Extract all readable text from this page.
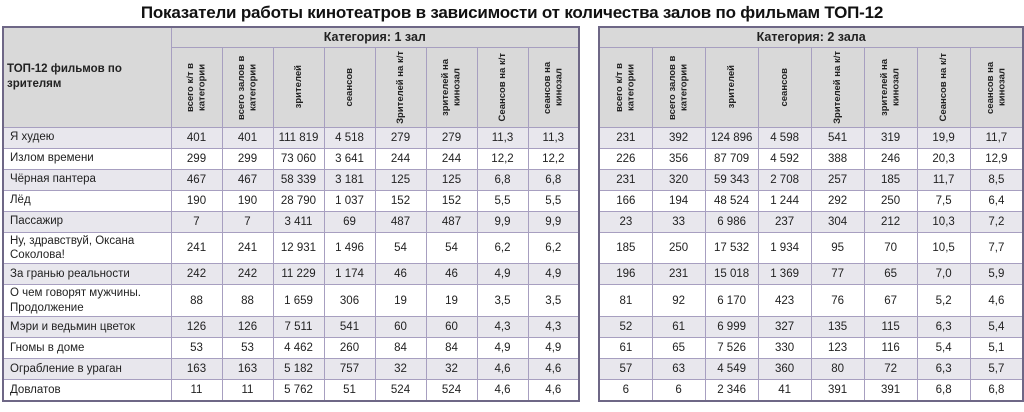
Показатели работы кинотеатров в зависимости от количества залов по фильмам ТОП-12
ТОП-12 фильмов по зрителям	Категория: 1 зал							

	всего к/т в категории	всего залов в категории	зрителей	сеансов	Зрителей на к/т	зрителей на кинозал	Сеансов на к/т	сеансов на кинозал

Я худею	401	401	111 819	4 518	279	279	11,3	11,3
Излом времени	299	299	73 060	3 641	244	244	12,2	12,2
Чёрная пантера	467	467	58 339	3 181	125	125	6,8	6,8
Лёд	190	190	28 790	1 037	152	152	5,5	5,5
Пассажир	7	7	3 411	69	487	487	9,9	9,9
Ну, здравствуй, Оксана Соколова!	241	241	12 931	1 496	54	54	6,2	6,2
За гранью реальности	242	242	11 229	1 174	46	46	4,9	4,9
О чем говорят мужчины. Продолжение	88	88	1 659	306	19	19	3,5	3,5
Мэри и ведьмин цветок	126	126	7 511	541	60	60	4,3	4,3
Гномы в доме	53	53	4 462	260	84	84	4,9	4,9
Ограбление в ураган	163	163	5 182	757	32	32	4,6	4,6
Довлатов	11	11	5 762	51	524	524	4,6	4,6
Категория: 2 зала							

всего к/т в категории	всего залов в категории	зрителей	сеансов	Зрителей на к/т	зрителей на кинозал	Сеансов на к/т	сеансов на кинозал

231	392	124 896	4 598	541	319	19,9	11,7
226	356	87 709	4 592	388	246	20,3	12,9
231	320	59 343	2 708	257	185	11,7	8,5
166	194	48 524	1 244	292	250	7,5	6,4
23	33	6 986	237	304	212	10,3	7,2
185	250	17 532	1 934	95	70	10,5	7,7
196	231	15 018	1 369	77	65	7,0	5,9
81	92	6 170	423	76	67	5,2	4,6
52	61	6 999	327	135	115	6,3	5,4
61	65	7 526	330	123	116	5,4	5,1
57	63	4 549	360	80	72	6,3	5,7
6	6	2 346	41	391	391	6,8	6,8
